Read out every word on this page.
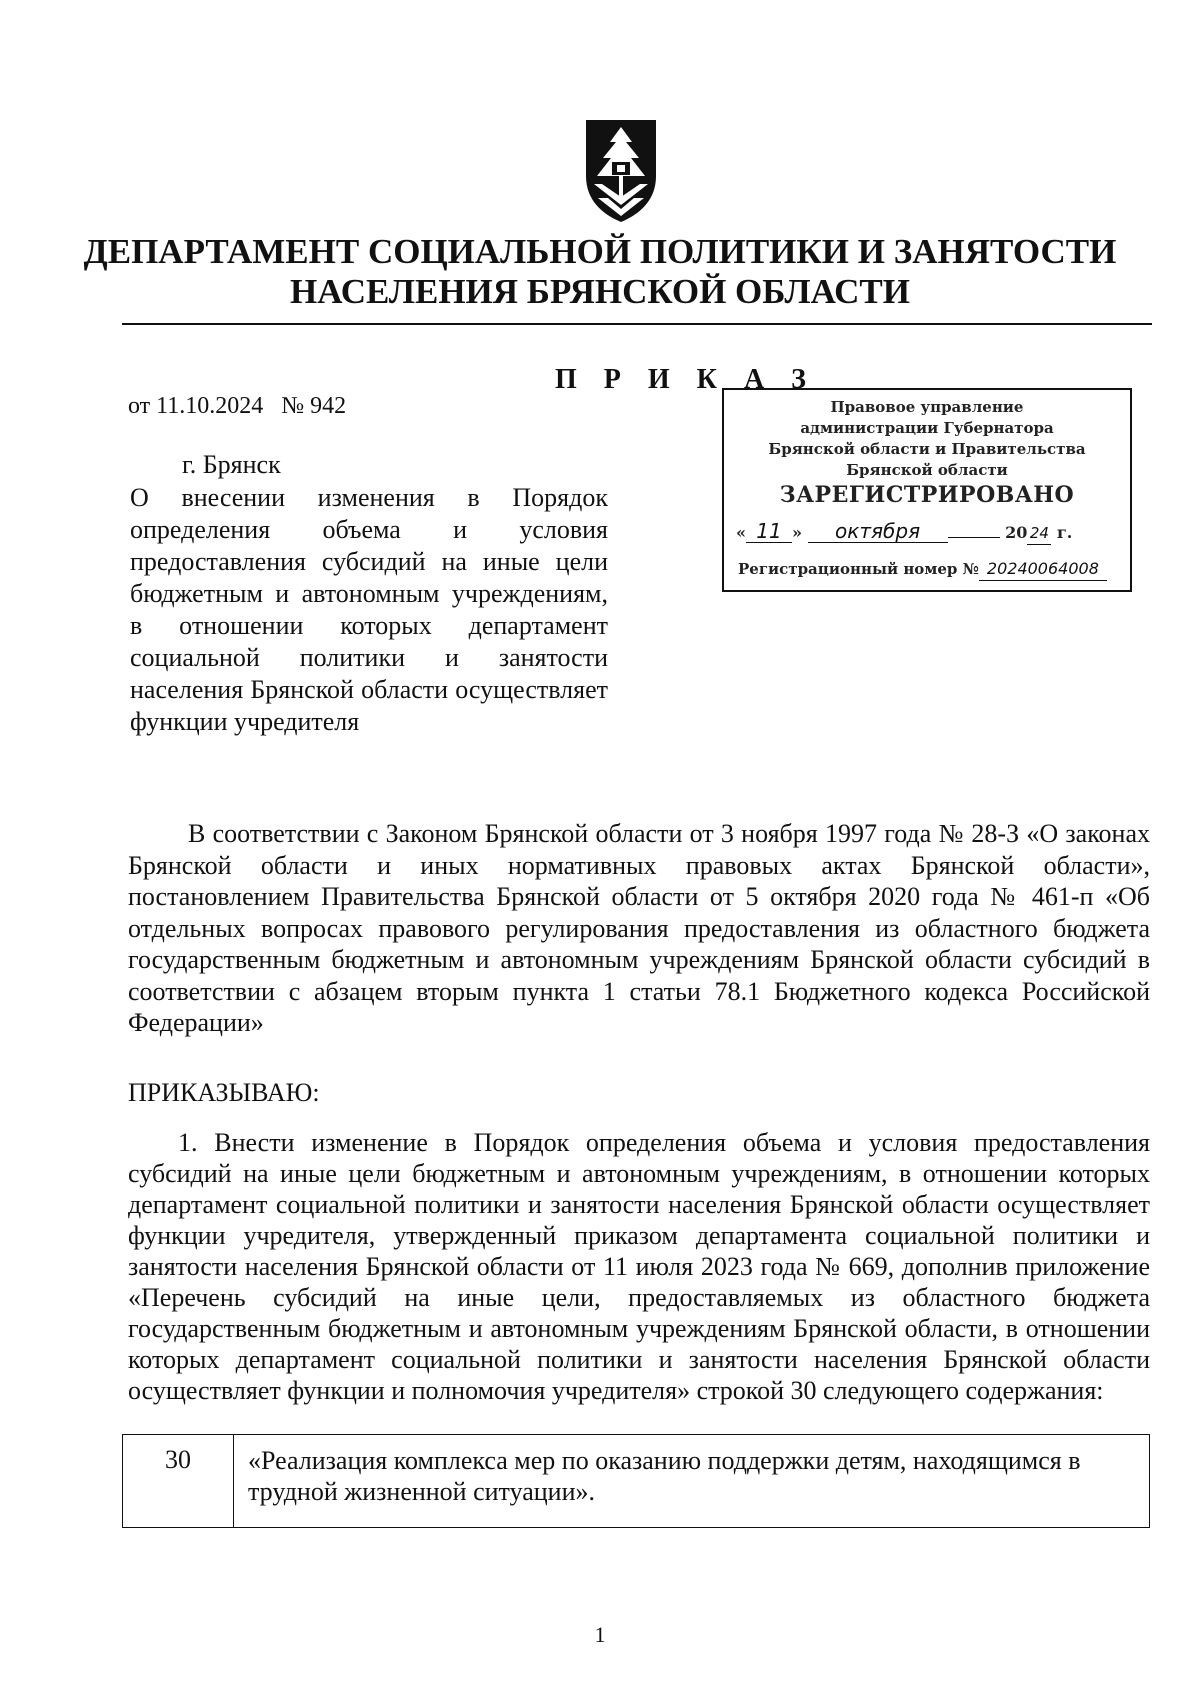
ДЕПАРТАМЕНТ СОЦИАЛЬНОЙ ПОЛИТИКИ И ЗАНЯТОСТИ
НАСЕЛЕНИЯ БРЯНСКОЙ ОБЛАСТИ
П Р И К А З
от 11.10.2024   № 942	Правовое управление
администрации Губернатора
Брянской области и Правительства
Брянской области
ЗАРЕГИСТРИРОВАНО
« 11 » октября	20 24 г.
Регистрационный номер № 20240064008
г. Брянск
О внесении изменения в Порядок определения объема и условия предоставления субсидий на иные цели бюджетным и автономным учреждениям, в отношении которых департамент социальной политики и занятости населения Брянской области осуществляет функции учредителя
В соответствии с Законом Брянской области от 3 ноября 1997 года № 28-З «О законах Брянской области и иных нормативных правовых актах Брянской области», постановлением Правительства Брянской области от 5 октября 2020 года № 461-п «Об отдельных вопросах правового регулирования предоставления из областного бюджета государственным бюджетным и автономным учреждениям Брянской области субсидий в соответствии с абзацем вторым пункта 1 статьи 78.1 Бюджетного кодекса Российской Федерации»
ПРИКАЗЫВАЮ:
1. Внести изменение в Порядок определения объема и условия предоставления субсидий на иные цели бюджетным и автономным учреждениям, в отношении которых департамент социальной политики и занятости населения Брянской области осуществляет функции учредителя, утвержденный приказом департамента социальной политики и занятости населения Брянской области от 11 июля 2023 года № 669, дополнив приложение «Перечень субсидий на иные цели, предоставляемых из областного бюджета государственным бюджетным и автономным учреждениям Брянской области, в отношении которых департамент социальной политики и занятости населения Брянской области осуществляет функции и полномочия учредителя» строкой 30 следующего содержания:
30	«Реализация комплекса мер по оказанию поддержки детям, находящимся в трудной жизненной ситуации».
1
